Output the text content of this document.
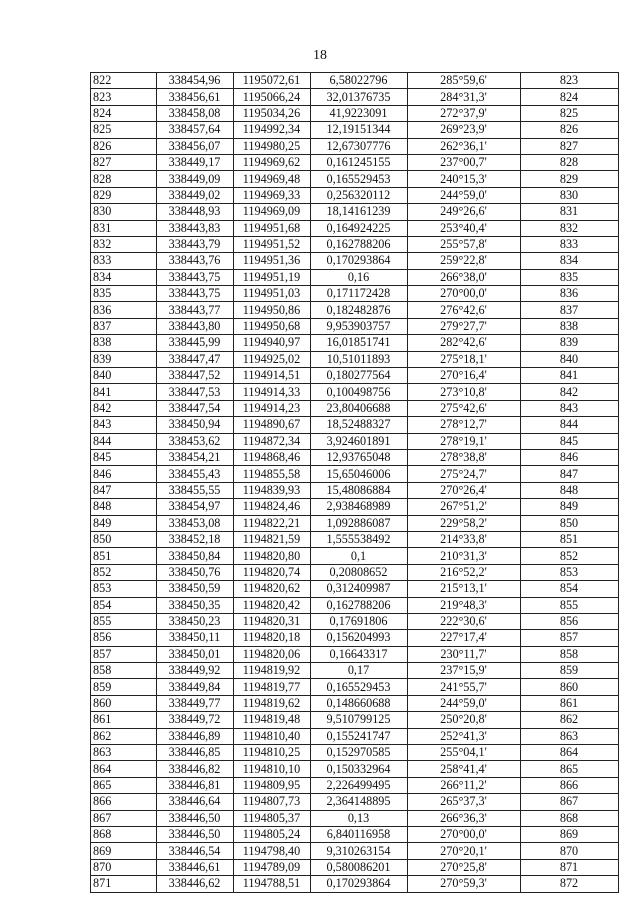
18
822	338454,96	1195072,61	6,58022796	285°59,6'	823
823	338456,61	1195066,24	32,01376735	284°31,3'	824
824	338458,08	1195034,26	41,9223091	272°37,9'	825
825	338457,64	1194992,34	12,19151344	269°23,9'	826
826	338456,07	1194980,25	12,67307776	262°36,1'	827
827	338449,17	1194969,62	0,161245155	237°00,7'	828
828	338449,09	1194969,48	0,165529453	240°15,3'	829
829	338449,02	1194969,33	0,256320112	244°59,0'	830
830	338448,93	1194969,09	18,14161239	249°26,6'	831
831	338443,83	1194951,68	0,164924225	253°40,4'	832
832	338443,79	1194951,52	0,162788206	255°57,8'	833
833	338443,76	1194951,36	0,170293864	259°22,8'	834
834	338443,75	1194951,19	0,16	266°38,0'	835
835	338443,75	1194951,03	0,171172428	270°00,0'	836
836	338443,77	1194950,86	0,182482876	276°42,6'	837
837	338443,80	1194950,68	9,953903757	279°27,7'	838
838	338445,99	1194940,97	16,01851741	282°42,6'	839
839	338447,47	1194925,02	10,51011893	275°18,1'	840
840	338447,52	1194914,51	0,180277564	270°16,4'	841
841	338447,53	1194914,33	0,100498756	273°10,8'	842
842	338447,54	1194914,23	23,80406688	275°42,6'	843
843	338450,94	1194890,67	18,52488327	278°12,7'	844
844	338453,62	1194872,34	3,924601891	278°19,1'	845
845	338454,21	1194868,46	12,93765048	278°38,8'	846
846	338455,43	1194855,58	15,65046006	275°24,7'	847
847	338455,55	1194839,93	15,48086884	270°26,4'	848
848	338454,97	1194824,46	2,938468989	267°51,2'	849
849	338453,08	1194822,21	1,092886087	229°58,2'	850
850	338452,18	1194821,59	1,555538492	214°33,8'	851
851	338450,84	1194820,80	0,1	210°31,3'	852
852	338450,76	1194820,74	0,20808652	216°52,2'	853
853	338450,59	1194820,62	0,312409987	215°13,1'	854
854	338450,35	1194820,42	0,162788206	219°48,3'	855
855	338450,23	1194820,31	0,17691806	222°30,6'	856
856	338450,11	1194820,18	0,156204993	227°17,4'	857
857	338450,01	1194820,06	0,16643317	230°11,7'	858
858	338449,92	1194819,92	0,17	237°15,9'	859
859	338449,84	1194819,77	0,165529453	241°55,7'	860
860	338449,77	1194819,62	0,148660688	244°59,0'	861
861	338449,72	1194819,48	9,510799125	250°20,8'	862
862	338446,89	1194810,40	0,155241747	252°41,3'	863
863	338446,85	1194810,25	0,152970585	255°04,1'	864
864	338446,82	1194810,10	0,150332964	258°41,4'	865
865	338446,81	1194809,95	2,226499495	266°11,2'	866
866	338446,64	1194807,73	2,364148895	265°37,3'	867
867	338446,50	1194805,37	0,13	266°36,3'	868
868	338446,50	1194805,24	6,840116958	270°00,0'	869
869	338446,54	1194798,40	9,310263154	270°20,1'	870
870	338446,61	1194789,09	0,580086201	270°25,8'	871
871	338446,62	1194788,51	0,170293864	270°59,3'	872
